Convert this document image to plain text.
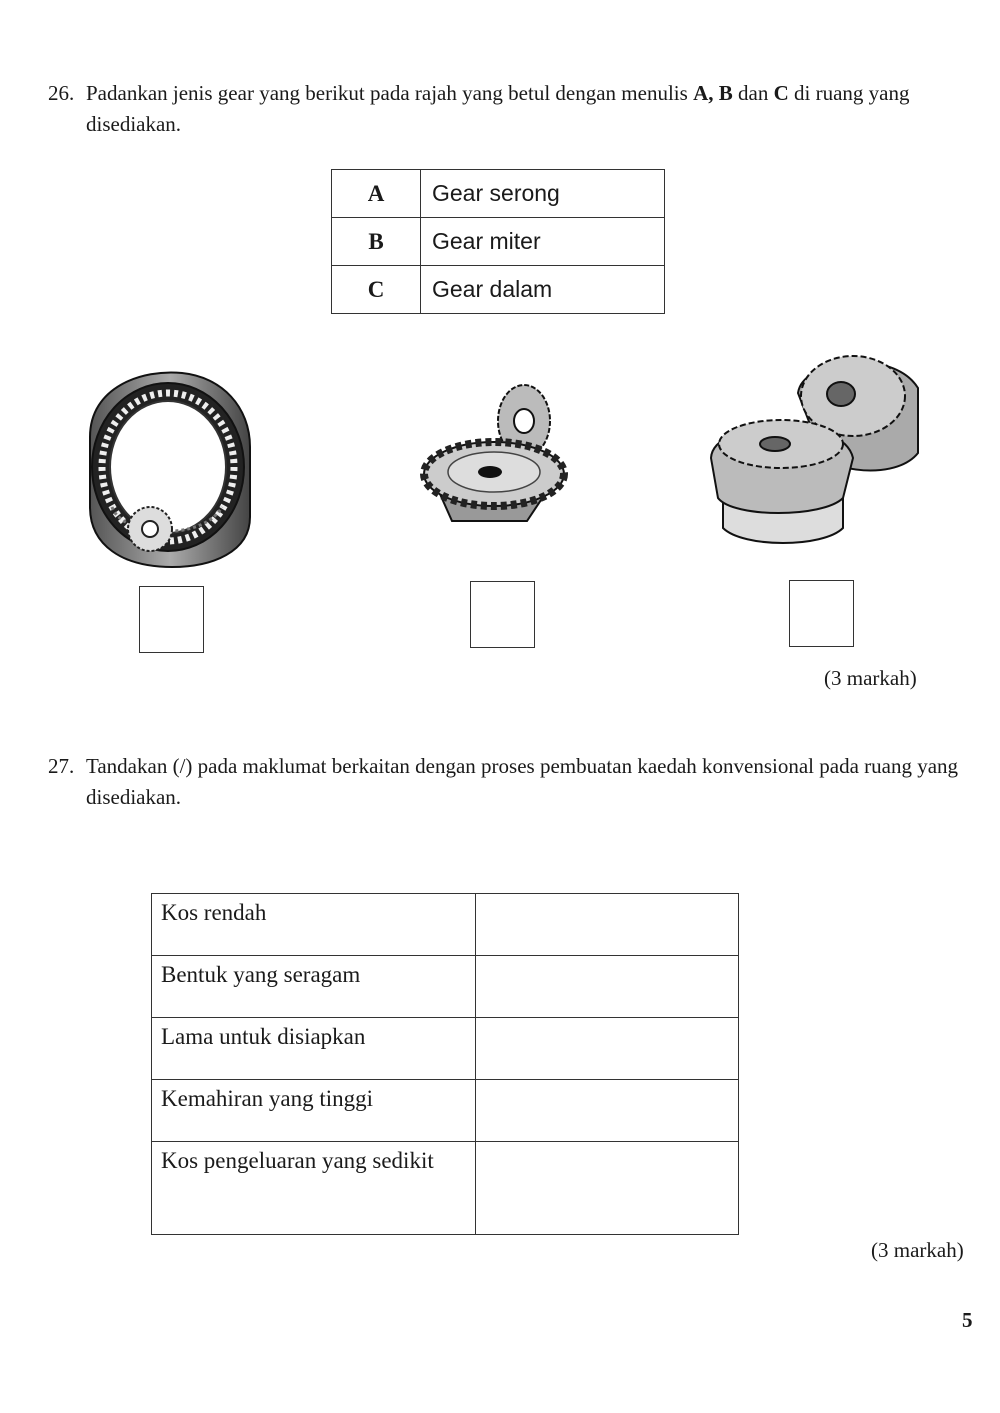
26. Padankan jenis gear yang berikut pada rajah yang betul dengan menulis A, B dan C di ruang yang disediakan.
A	Gear serong
B	Gear miter
C	Gear dalam
(3 markah)
27. Tandakan (/) pada maklumat berkaitan dengan proses pembuatan kaedah konvensional pada ruang yang disediakan.
Kos rendah	
Bentuk yang seragam	
Lama untuk disiapkan	
Kemahiran yang tinggi	
Kos pengeluaran yang sedikit	
(3 markah)
5
